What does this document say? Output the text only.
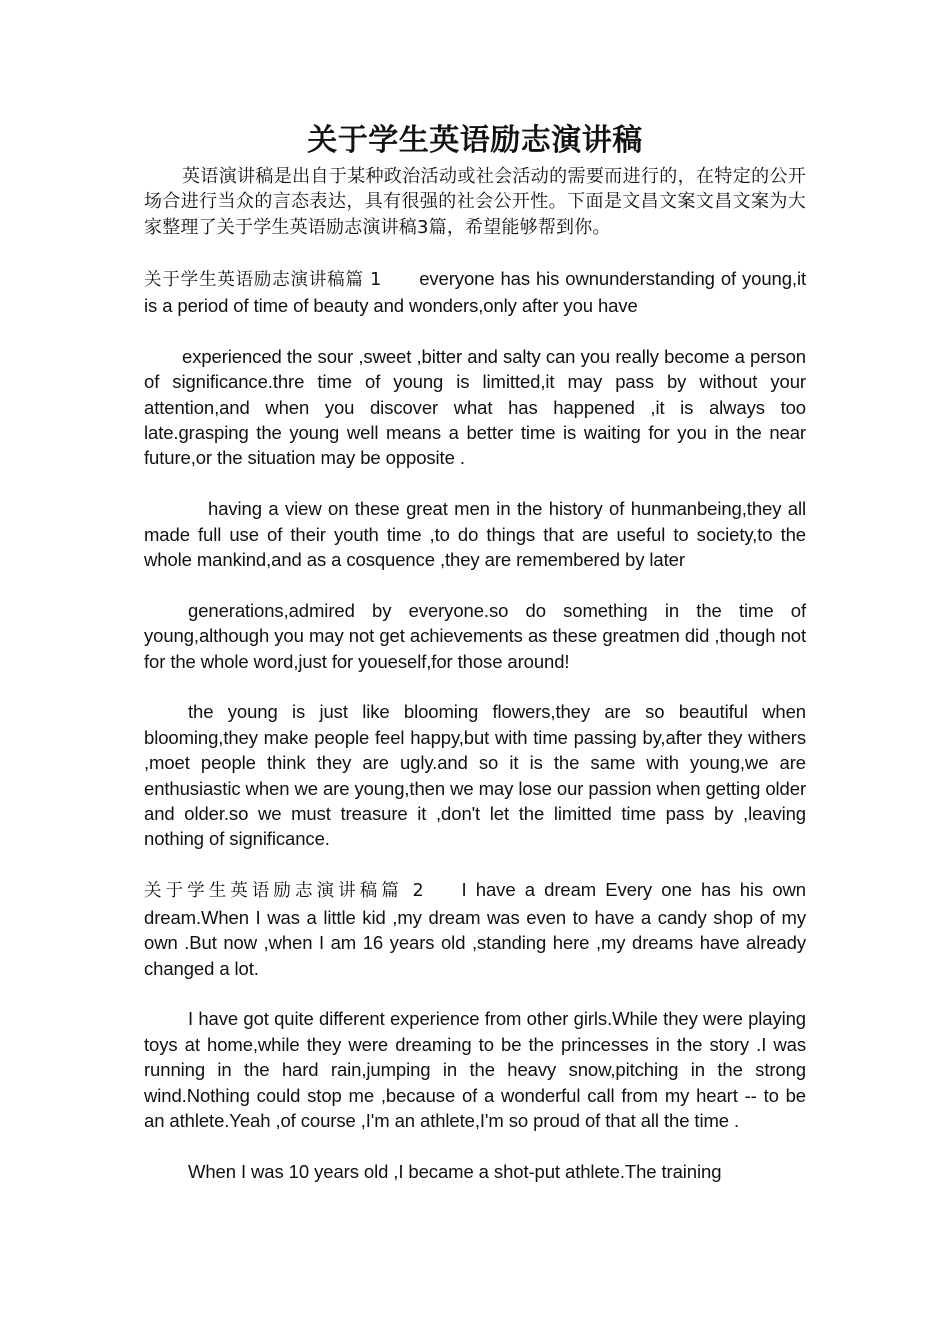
关于学生英语励志演讲稿

英语演讲稿是出自于某种政治活动或社会活动的需要而进行的，在特定的公开场合进行当众的言态表达，具有很强的社会公开性。下面是文昌文案文昌文案为大家整理了关于学生英语励志演讲稿3篇，希望能够帮到你。

关于学生英语励志演讲稿篇 1 everyone has his ownunderstanding of young,it is a period of time of beauty and wonders,only after you have

experienced the sour ,sweet ,bitter and salty can you really become a person of significance.thre time of young is limitted,it may pass by without your attention,and when you discover what has happened ,it is always too late.grasping the young well means a better time is waiting for you in the near future,or the situation may be opposite .

having a view on these great men in the history of hunmanbeing,they all made full use of their youth time ,to do things that are useful to society,to the whole mankind,and as a cosquence ,they are remembered by later

generations,admired by everyone.so do something in the time of young,although you may not get achievements as these greatmen did ,though not for the whole word,just for youeself,for those around!

the young is just like blooming flowers,they are so beautiful when blooming,they make people feel happy,but with time passing by,after they withers ,moet people think they are ugly.and so it is the same with young,we are enthusiastic when we are young,then we may lose our passion when getting older and older.so we must treasure it ,don't let the limitted time pass by ,leaving nothing of significance.

关于学生英语励志演讲稿篇 2 I have a dream Every one has his own dream.When I was a little kid ,my dream was even to have a candy shop of my own .But now ,when I am 16 years old ,standing here ,my dreams have already changed a lot.

I have got quite different experience from other girls.While they were playing toys at home,while they were dreaming to be the princesses in the story .I was running in the hard rain,jumping in the heavy snow,pitching in the strong wind.Nothing could stop me ,because of a wonderful call from my heart -- to be an athlete.Yeah ,of course ,I'm an athlete,I'm so proud of that all the time .

When I was 10 years old ,I became a shot-put athlete.The training
